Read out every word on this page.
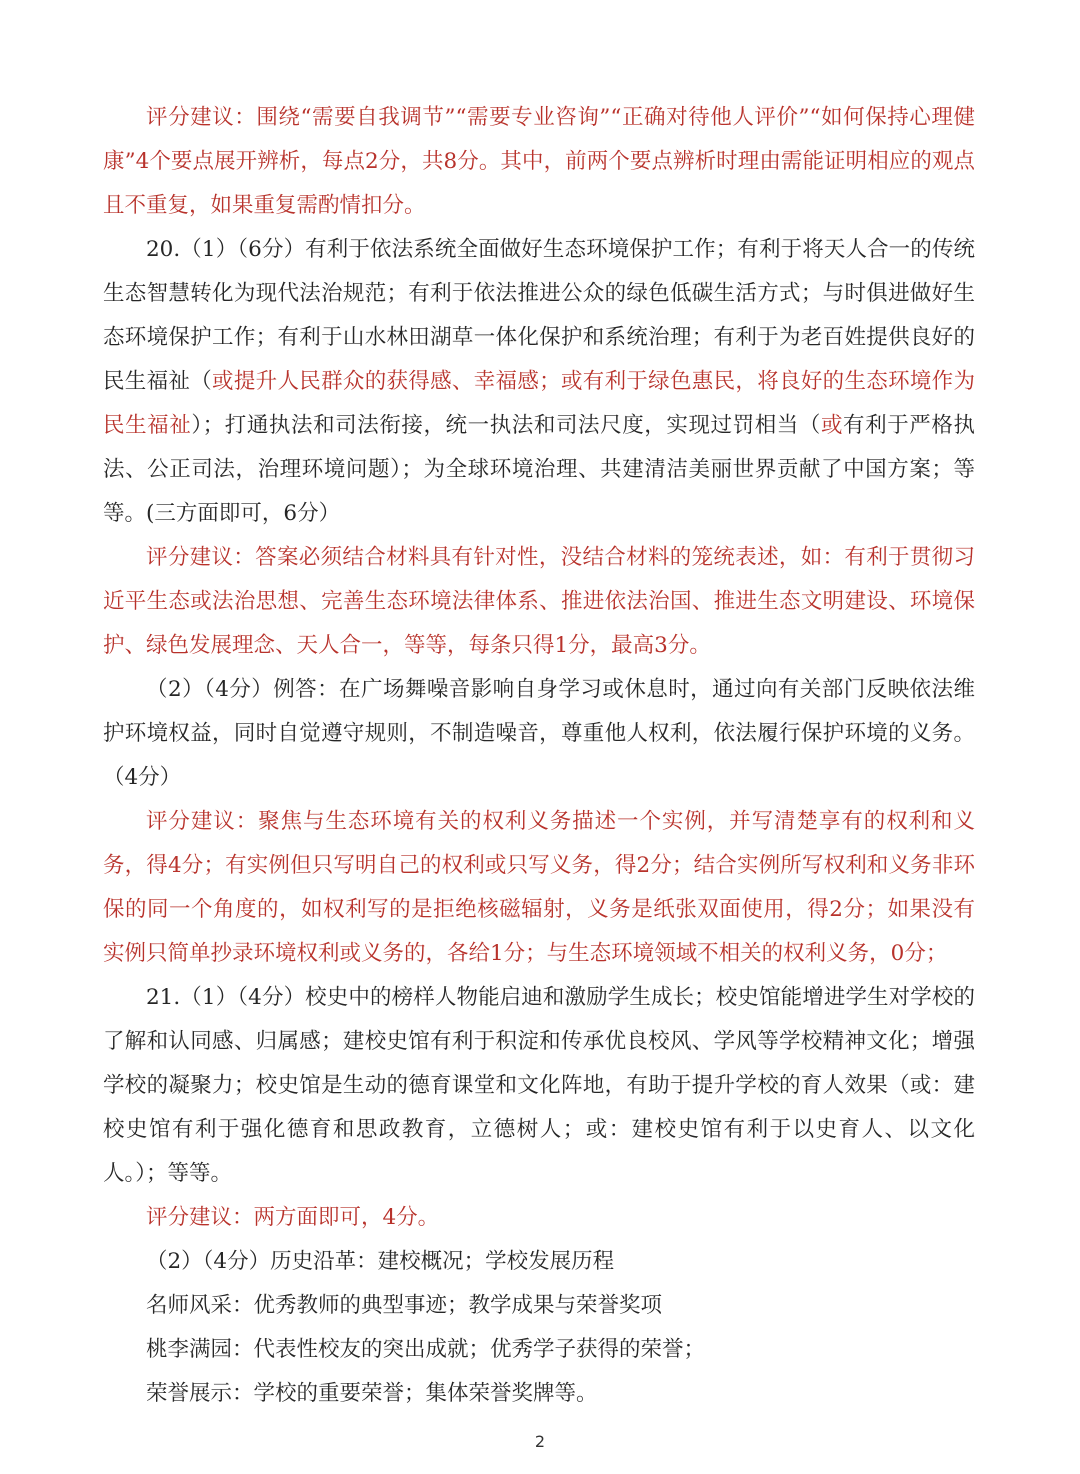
评分建议：围绕“需要自我调节”“需要专业咨询”“正确对待他人评价”“如何保持心理健康”4个要点展开辨析，每点2分，共8分。其中，前两个要点辨析时理由需能证明相应的观点且不重复，如果重复需酌情扣分。

20.（1）（6分）有利于依法系统全面做好生态环境保护工作；有利于将天人合一的传统生态智慧转化为现代法治规范；有利于依法推进公众的绿色低碳生活方式；与时俱进做好生态环境保护工作；有利于山水林田湖草一体化保护和系统治理；有利于为老百姓提供良好的民生福祉（或提升人民群众的获得感、幸福感；或有利于绿色惠民，将良好的生态环境作为民生福祉）；打通执法和司法衔接，统一执法和司法尺度，实现过罚相当（或有利于严格执法、公正司法，治理环境问题）；为全球环境治理、共建清洁美丽世界贡献了中国方案；等等。(三方面即可，6分）

评分建议：答案必须结合材料具有针对性，没结合材料的笼统表述，如：有利于贯彻习近平生态或法治思想、完善生态环境法律体系、推进依法治国、推进生态文明建设、环境保护、绿色发展理念、天人合一，等等，每条只得1分，最高3分。

（2）（4分）例答：在广场舞噪音影响自身学习或休息时，通过向有关部门反映依法维护环境权益，同时自觉遵守规则，不制造噪音，尊重他人权利，依法履行保护环境的义务。（4分）

评分建议：聚焦与生态环境有关的权利义务描述一个实例，并写清楚享有的权利和义务，得4分；有实例但只写明自己的权利或只写义务，得2分；结合实例所写权利和义务非环保的同一个角度的，如权利写的是拒绝核磁辐射，义务是纸张双面使用，得2分；如果没有实例只简单抄录环境权利或义务的，各给1分；与生态环境领域不相关的权利义务，0分；

21.（1）（4分）校史中的榜样人物能启迪和激励学生成长；校史馆能增进学生对学校的了解和认同感、归属感；建校史馆有利于积淀和传承优良校风、学风等学校精神文化；增强学校的凝聚力；校史馆是生动的德育课堂和文化阵地，有助于提升学校的育人效果（或：建校史馆有利于强化德育和思政教育，立德树人；或：建校史馆有利于以史育人、以文化人。）；等等。

评分建议：两方面即可，4分。

（2）（4分）历史沿革：建校概况；学校发展历程

名师风采：优秀教师的典型事迹；教学成果与荣誉奖项

桃李满园：代表性校友的突出成就；优秀学子获得的荣誉；

荣誉展示：学校的重要荣誉；集体荣誉奖牌等。

2
